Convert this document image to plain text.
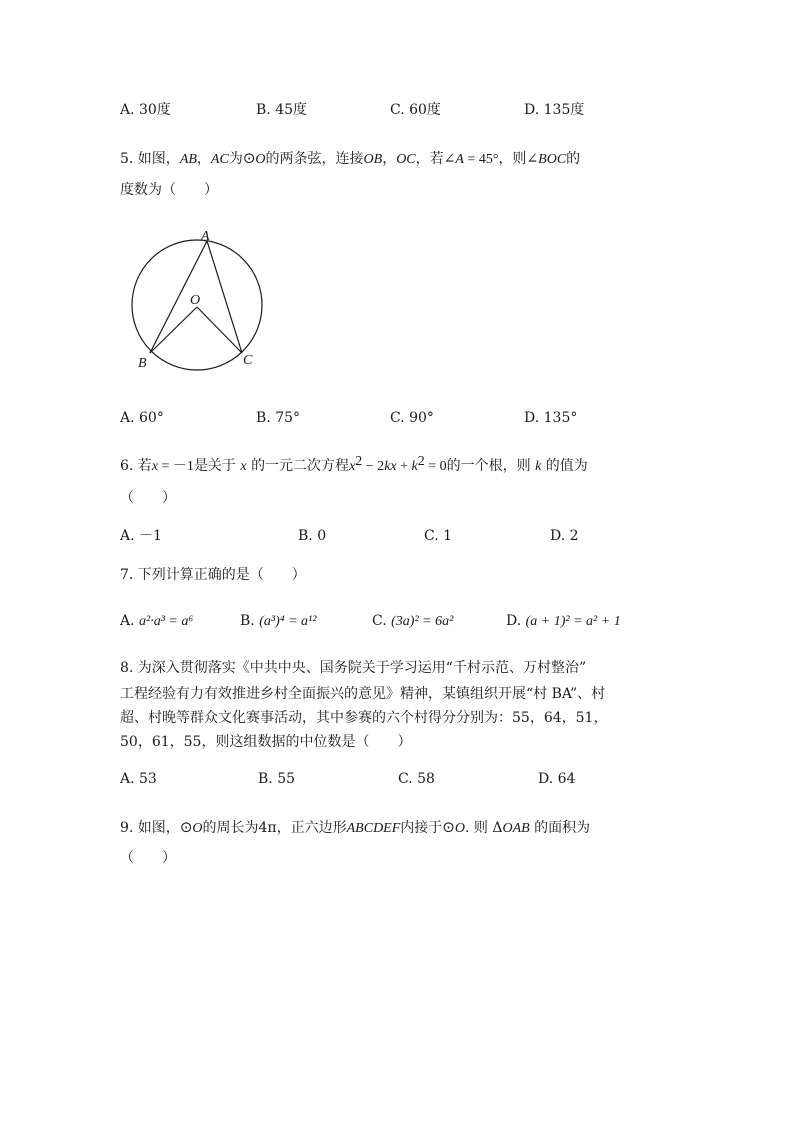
A. 30度	B. 45度	C. 60度	D. 135度
5. 如图，AB，AC为⊙O的两条弦，连接OB，OC，若∠A = 45°，则∠BOC的
度数为（　　）
A
O
B	C
A. 60°	B. 75°	C. 90°	D. 135°
6. 若x = －1是关于 x 的一元二次方程$x^2 - 2kx + k^2 = 0$的一个根，则 k 的值为
（　　）
A. －1	B. 0	C. 1	D. 2
7. 下列计算正确的是（　　）
A. a²·a³ = a⁶	B. (a³)⁴ = a¹²	C. (3a)² = 6a²	D. (a + 1)² = a² + 1
8. 为深入贯彻落实《中共中央、国务院关于学习运用“千村示范、万村整治”
工程经验有力有效推进乡村全面振兴的意见》精神，某镇组织开展“村 BA”、村
超、村晚等群众文化赛事活动，其中参赛的六个村得分分别为：55，64，51，
50，61，55，则这组数据的中位数是（　　）
A. 53	B. 55	C. 58	D. 64
9. 如图，⊙O的周长为4π，正六边形ABCDEF内接于⊙O. 则 ΔOAB 的面积为
（　　）
